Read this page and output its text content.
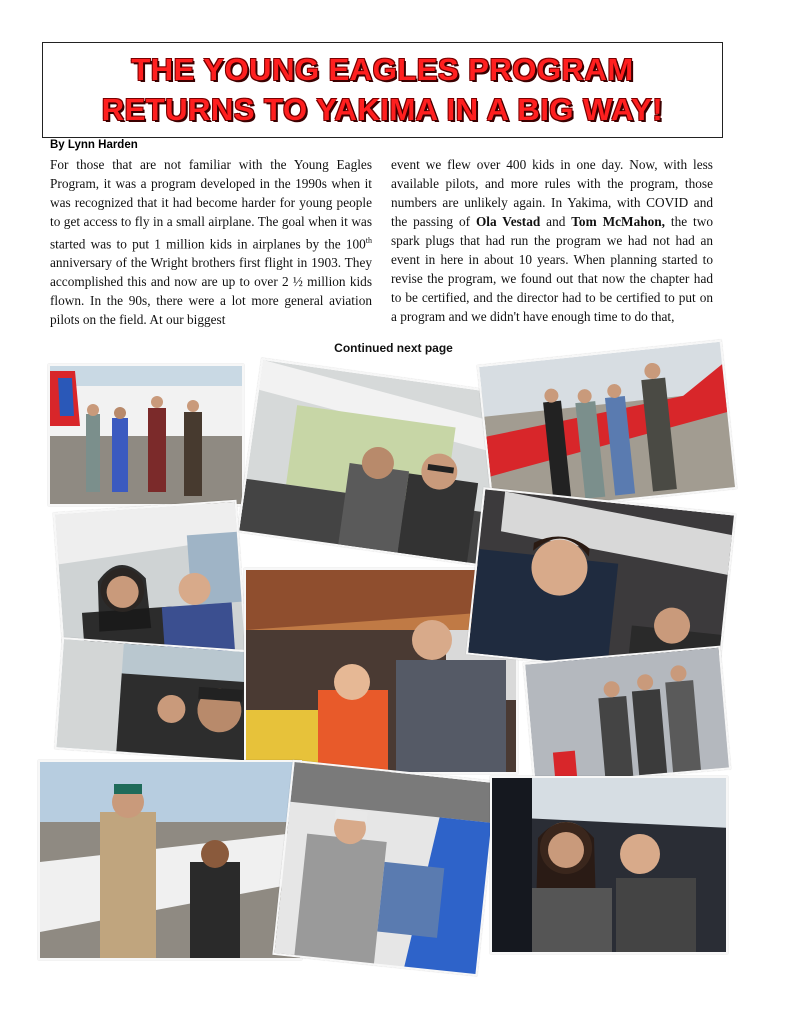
THE YOUNG EAGLES PROGRAM
RETURNS TO YAKIMA IN A BIG WAY!
By Lynn Harden

For those that are not familiar with the Young Eagles Program, it was a program developed in the 1990s when it was recognized that it had become harder for young people to get access to fly in a small airplane. The goal when it was started was to put 1 million kids in airplanes by the 100th anniversary of the Wright brothers first flight in 1903. They accomplished this and now are up to over 2 ½ million kids flown. In the 90s, there were a lot more general aviation pilots on the field. At our biggest

event we flew over 400 kids in one day. Now, with less available pilots, and more rules with the program, those numbers are unlikely again. In Yakima, with COVID and the passing of Ola Vestad and Tom McMahon, the two spark plugs that had run the program we had not had an event in here in about 10 years. When planning started to revise the program, we found out that now the chapter had to be certified, and the director had to be certified to put on a program and we didn't have enough time to do that,

Continued next page
